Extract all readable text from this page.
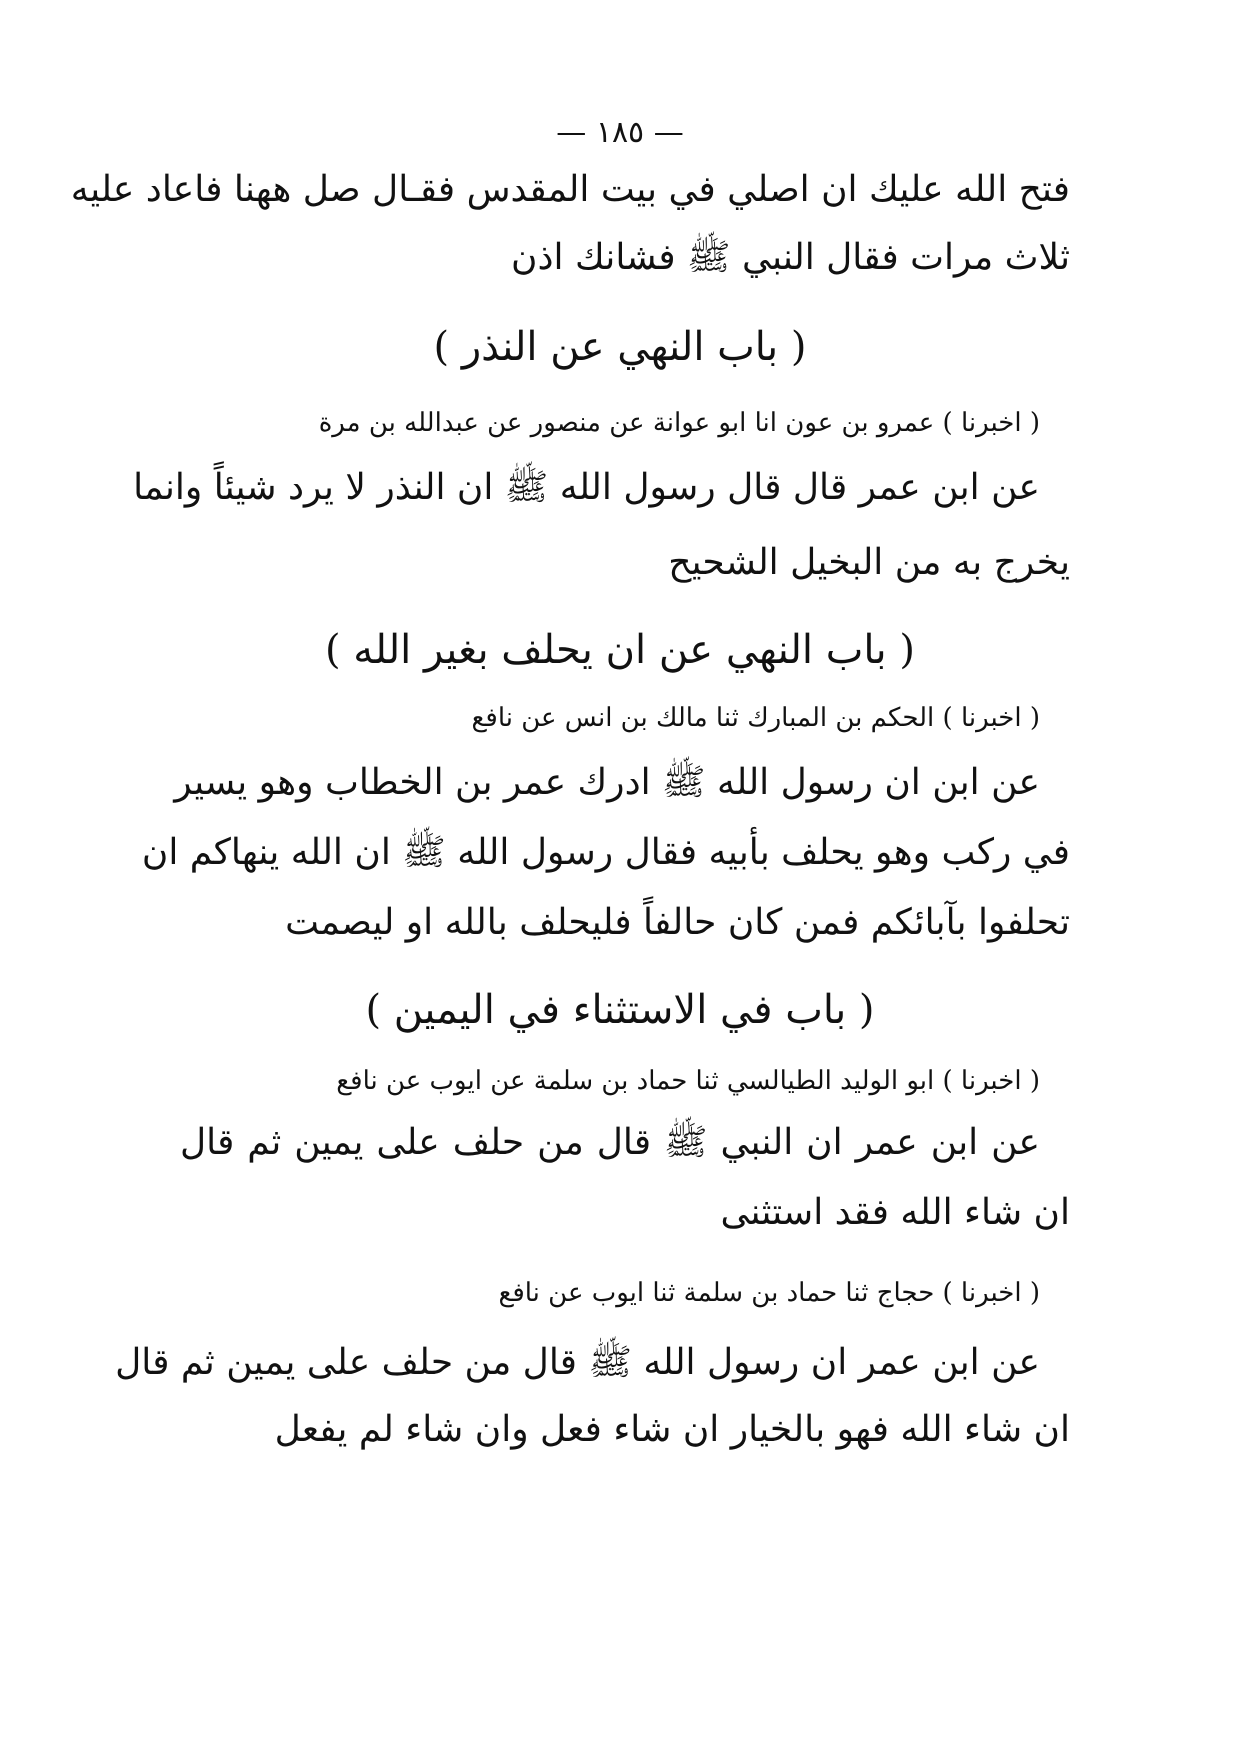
— ١٨٥ —
فتح الله عليك ان اصلي في بيت المقدس فقـال صل ههنا فاعاد عليه
ثلاث مرات فقال النبي ﷺ فشانك اذن
( باب النهي عن النذر )
( اخبرنا ) عمرو بن عون انا ابو عوانة عن منصور عن عبدالله بن مرة
عن ابن عمر قال قال رسول الله ﷺ ان النذر لا يرد شيئاً وانما
يخرج به من البخيل الشحيح
( باب النهي عن ان يحلف بغير الله )
( اخبرنا ) الحكم بن المبارك ثنا مالك بن انس عن نافع
عن ابن ان رسول الله ﷺ ادرك عمر بن الخطاب وهو يسير
في ركب وهو يحلف بأبيه فقال رسول الله ﷺ ان الله ينهاكم ان
تحلفوا بآبائكم فمن كان حالفاً فليحلف بالله او ليصمت
( باب في الاستثناء في اليمين )
( اخبرنا ) ابو الوليد الطيالسي ثنا حماد بن سلمة عن ايوب عن نافع
عن ابن عمر ان النبي ﷺ قال من حلف على يمين ثم قال
ان شاء الله فقد استثنى
( اخبرنا ) حجاج ثنا حماد بن سلمة ثنا ايوب عن نافع
عن ابن عمر ان رسول الله ﷺ قال من حلف على يمين ثم قال
ان شاء الله فهو بالخيار ان شاء فعل وان شاء لم يفعل
